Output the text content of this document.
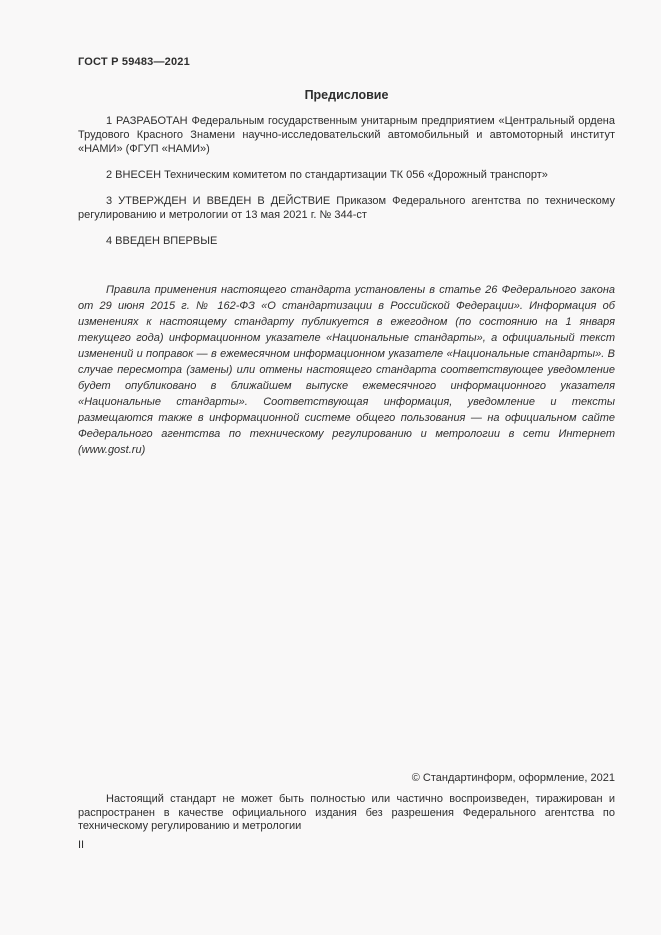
ГОСТ Р 59483—2021
Предисловие

1 РАЗРАБОТАН Федеральным государственным унитарным предприятием «Центральный ордена Трудового Красного Знамени научно-исследовательский автомобильный и автомоторный институт «НАМИ» (ФГУП «НАМИ»)

2 ВНЕСЕН Техническим комитетом по стандартизации ТК 056 «Дорожный транспорт»

3 УТВЕРЖДЕН И ВВЕДЕН В ДЕЙСТВИЕ Приказом Федерального агентства по техническому регулированию и метрологии от 13 мая 2021 г. № 344-ст

4 ВВЕДЕН ВПЕРВЫЕ

Правила применения настоящего стандарта установлены в статье 26 Федерального закона от 29 июня 2015 г. № 162-ФЗ «О стандартизации в Российской Федерации». Информация об изменениях к настоящему стандарту публикуется в ежегодном (по состоянию на 1 января текущего года) информационном указателе «Национальные стандарты», а официальный текст изменений и поправок — в ежемесячном информационном указателе «Национальные стандарты». В случае пересмотра (замены) или отмены настоящего стандарта соответствующее уведомление будет опубликовано в ближайшем выпуске ежемесячного информационного указателя «Национальные стандарты». Соответствующая информация, уведомление и тексты размещаются также в информационной системе общего пользования — на официальном сайте Федерального агентства по техническому регулированию и метрологии в сети Интернет (www.gost.ru)

© Стандартинформ, оформление, 2021

Настоящий стандарт не может быть полностью или частично воспроизведен, тиражирован и распространен в качестве официального издания без разрешения Федерального агентства по техническому регулированию и метрологии

II
